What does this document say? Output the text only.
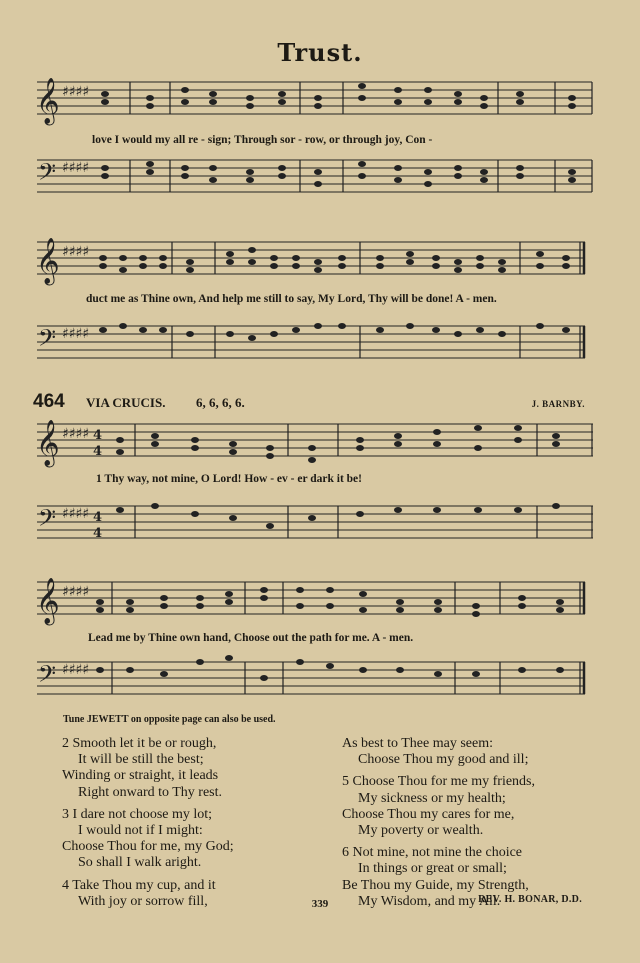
Trust.
𝄞
𝄢
♯♯♯♯
♯♯♯♯
love I would my all re - sign; Through sor - row, or through joy, Con -
𝄞
𝄢
♯♯♯♯
♯♯♯♯
duct me as Thine own, And help me still to say, My Lord, Thy will be done! A - men.
464 VIA CRUCIS. 6, 6, 6, 6.	J. BARNBY.
𝄞
𝄢
♯♯♯♯
♯♯♯♯
4
4
4
4
1 Thy way, not mine, O Lord! How - ev - er dark it be!
𝄞
𝄢
♯♯♯♯
♯♯♯♯
Lead me by Thine own hand, Choose out the path for me. A - men.
Tune JEWETT on opposite page can also be used.
2 Smooth let it be or rough,
It will be still the best;
Winding or straight, it leads
Right onward to Thy rest.
3 I dare not choose my lot;
I would not if I might:
Choose Thou for me, my God;
So shall I walk aright.
4 Take Thou my cup, and it
With joy or sorrow fill,
As best to Thee may seem:
Choose Thou my good and ill;
5 Choose Thou for me my friends,
My sickness or my health;
Choose Thou my cares for me,
My poverty or wealth.
6 Not mine, not mine the choice
In things or great or small;
Be Thou my Guide, my Strength,
My Wisdom, and my All.
REV. H. BONAR, D.D.
339
